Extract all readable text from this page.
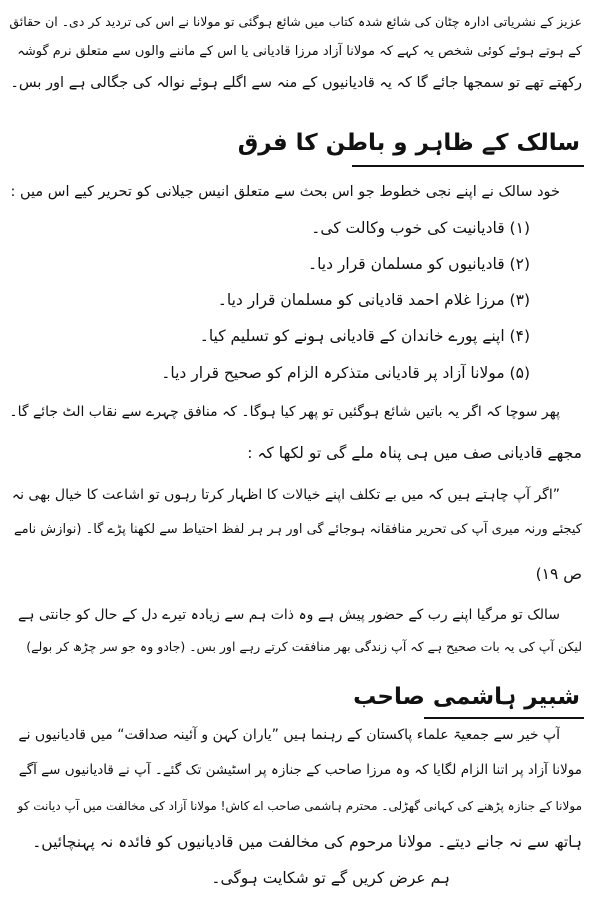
عزیز کے نشریاتی ادارہ چٹان کی شائع شدہ کتاب میں شائع ہوگئی تو مولانا نے اس کی تردید کر دی۔ ان حقائق
کے ہوتے ہوئے کوئی شخص یہ کہے کہ مولانا آزاد مرزا قادیانی یا اس کے ماننے والوں سے متعلق نرم گوشہ
رکھتے تھے تو سمجھا جائے گا کہ یہ قادیانیوں کے منہ سے اگلے ہوئے نوالہ کی جگالی ہے اور بس۔
سالک کے ظاہر و باطن کا فرق
خود سالک نے اپنے نجی خطوط جو اس بحث سے متعلق انیس جیلانی کو تحریر کیے اس میں :
(۱) قادیانیت کی خوب وکالت کی۔
(۲) قادیانیوں کو مسلمان قرار دیا۔
(۳) مرزا غلام احمد قادیانی کو مسلمان قرار دیا۔
(۴) اپنے پورے خاندان کے قادیانی ہونے کو تسلیم کیا۔
(۵) مولانا آزاد پر قادیانی متذکرہ الزام کو صحیح قرار دیا۔
پھر سوچا کہ اگر یہ باتیں شائع ہوگئیں تو پھر کیا ہوگا۔ کہ منافق چہرے سے نقاب الٹ جائے گا۔
مجھے قادیانی صف میں ہی پناہ ملے گی تو لکھا کہ :
”اگر آپ چاہتے ہیں کہ میں بے تکلف اپنے خیالات کا اظہار کرتا رہوں تو اشاعت کا خیال بھی نہ
کیجئے ورنہ میری آپ کی تحریر منافقانہ ہوجائے گی اور ہر ہر لفظ احتیاط سے لکھنا پڑے گا۔ (نوازش نامے
ص ۱۹)
سالک تو مرگیا اپنے رب کے حضور پیش ہے وہ ذات ہم سے زیادہ تیرے دل کے حال کو جانتی ہے
لیکن آپ کی یہ بات صحیح ہے کہ آپ زندگی بھر منافقت کرتے رہے اور بس۔ (جادو وہ جو سر چڑھ کر بولے)
شبیر ہاشمی صاحب
آپ خیر سے جمعیۃ علماء پاکستان کے رہنما ہیں ”یاران کہن و آئینہ صداقت“ میں قادیانیوں نے
مولانا آزاد پر اتنا الزام لگایا کہ وہ مرزا صاحب کے جنازہ پر اسٹیشن تک گئے۔ آپ نے قادیانیوں سے آگے
مولانا کے جنازہ پڑھنے کی کہانی گھڑلی۔ محترم ہاشمی صاحب اے کاش! مولانا آزاد کی مخالفت میں آپ دیانت کو
ہاتھ سے نہ جانے دیتے۔ مولانا مرحوم کی مخالفت میں قادیانیوں کو فائدہ نہ پہنچائیں۔
ہم عرض کریں گے تو شکایت ہوگی۔
